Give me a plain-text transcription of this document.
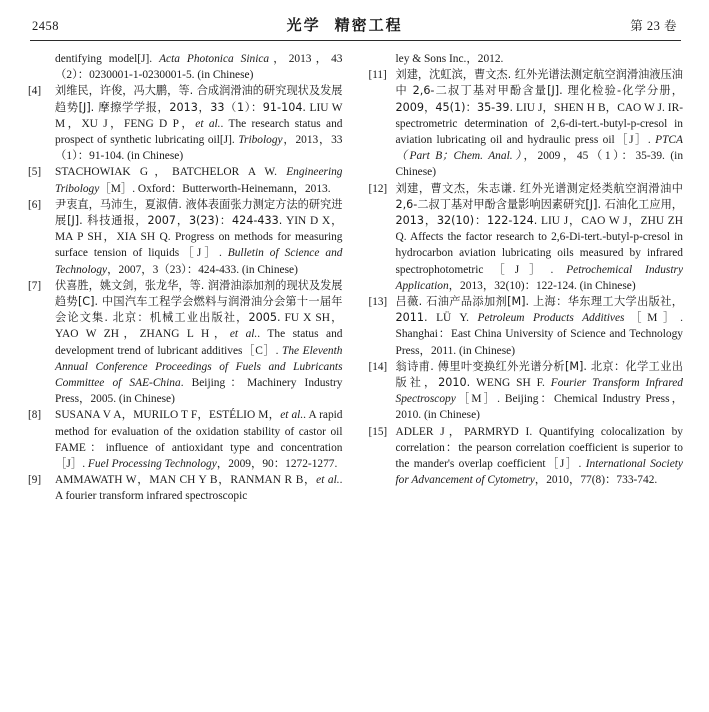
2458	光学 精密工程	第 23 卷
dentifying model[J]. Acta Photonica Sinica，2013，43（2）：0230001-1-0230001-5. (in Chinese)
[4]	刘维民，许俊，冯大鹏，等. 合成润滑油的研究现状及发展趋势[J]. 摩擦学学报，2013，33（1）：91-104. LIU W M，XU J，FENG D P，et al.. The research status and prospect of synthetic lubricating oil[J]. Tribology，2013，33（1）：91-104. (in Chinese)
[5]	STACHOWIAK G，BATCHELOR A W. Engineering Tribology［M］. Oxford：Butterworth-Heinemann，2013.
[6]	尹衷直，马沛生，夏淑倩. 液体表面张力测定方法的研究进展[J]. 科技通报，2007，3(23)：424-433. YIN D X，MA P SH，XIA SH Q. Progress on methods for measuring surface tension of liquids［J］. Bulletin of Science and Technology，2007，3（23）：424-433. (in Chinese)
[7]	伏喜胜，姚文剑，张龙华，等. 润滑油添加剂的现状及发展趋势[C]. 中国汽车工程学会燃料与润滑油分会第十一届年会论文集. 北京：机械工业出版社，2005. FU X SH，YAO W ZH，ZHANG L H，et al.. The status and development trend of lubricant additives［C］. The Eleventh Annual Conference Proceedings of Fuels and Lubricants Committee of SAE-China. Beijing：Machinery Industry Press，2005. (in Chinese)
[8]	SUSANA V A，MURILO T F，ESTÉLIO M，et al.. A rapid method for evaluation of the oxidation stability of castor oil FAME：influence of antioxidant type and concentration［J］. Fuel Processing Technology，2009，90：1272-1277.
[9]	AMMAWATH W，MAN CH Y B，RANMAN R B，et al.. A fourier transform infrared spectroscopic
ley & Sons Inc.，2012.
[11] 刘建，沈虹滨，曹文杰. 红外光谱法测定航空润滑油液压油中 2,6-二叔丁基对甲酚含量[J]. 理化检验-化学分册，2009，45(1)：35-39. LIU J，SHEN H B，CAO W J. IR-spectrometric determination of 2,6-di-tert.-butyl-p-cresol in aviation lubricating oil and hydraulic press oil［J］. PTCA（Part B；Chem. Anal.），2009，45（1）：35-39. (in Chinese)
[12] 刘建，曹文杰，朱志谦. 红外光谱测定烃类航空润滑油中 2,6-二叔丁基对甲酚含量影响因素研究[J]. 石油化工应用，2013，32(10)：122-124. LIU J，CAO W J，ZHU ZH Q. Affects the factor research to 2,6-Di-tert.-butyl-p-cresol in hydrocarbon aviation lubricating oils measured by infrared spectrophotometric［J］. Petrochemical Industry Application，2013，32(10)：122-124. (in Chinese)
[13] 吕薇. 石油产品添加剂[M]. 上海：华东理工大学出版社，2011. LÜ Y. Petroleum Products Additives［M］. Shanghai：East China University of Science and Technology Press，2011. (in Chinese)
[14] 翁诗甫. 傅里叶变换红外光谱分析[M]. 北京：化学工业出版社，2010. WENG SH F. Fourier Transform Infrared Spectroscopy［M］. Beijing：Chemical Industry Press，2010. (in Chinese)
[15] ADLER J，PARMRYD I. Quantifying colocalization by correlation：the pearson correlation coefficient is superior to the mander's overlap coefficient［J］. International Society for Advancement of Cytometry，2010，77(8)：733-742.
